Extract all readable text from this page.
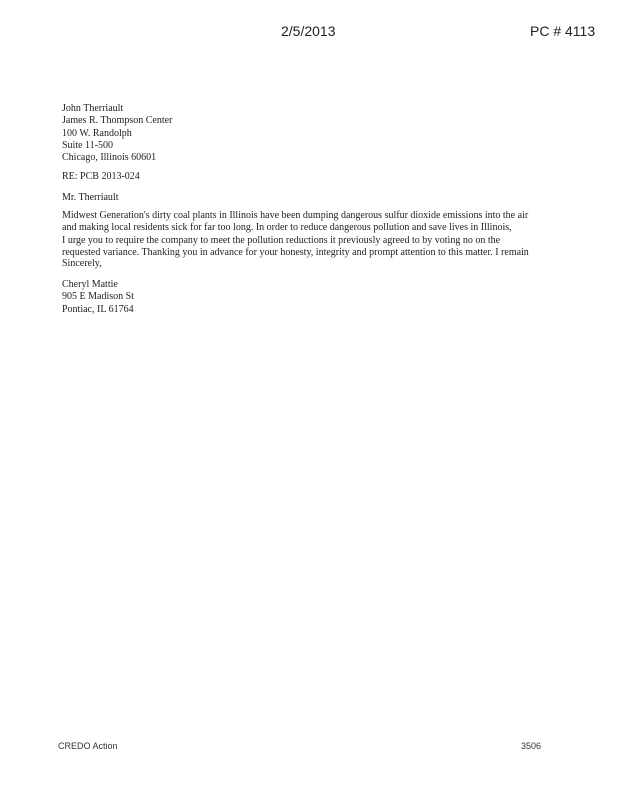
2/5/2013	PC # 4113
John Therriault
James R. Thompson Center
100 W. Randolph
Suite 11-500
Chicago, Illinois 60601
RE: PCB 2013-024
Mr. Therriault
Midwest Generation's dirty coal plants in Illinois have been dumping dangerous sulfur dioxide emissions into the air
and making local residents sick for far too long. In order to reduce dangerous pollution and save lives in Illinois,
I urge you to require the company to meet the pollution reductions it previously agreed to by voting no on the
requested variance. Thanking you in advance for your honesty, integrity and prompt attention to this matter. I remain
Sincerely,
Cheryl Mattie
905 E Madison St
Pontiac, IL 61764
CREDO Action	3506
